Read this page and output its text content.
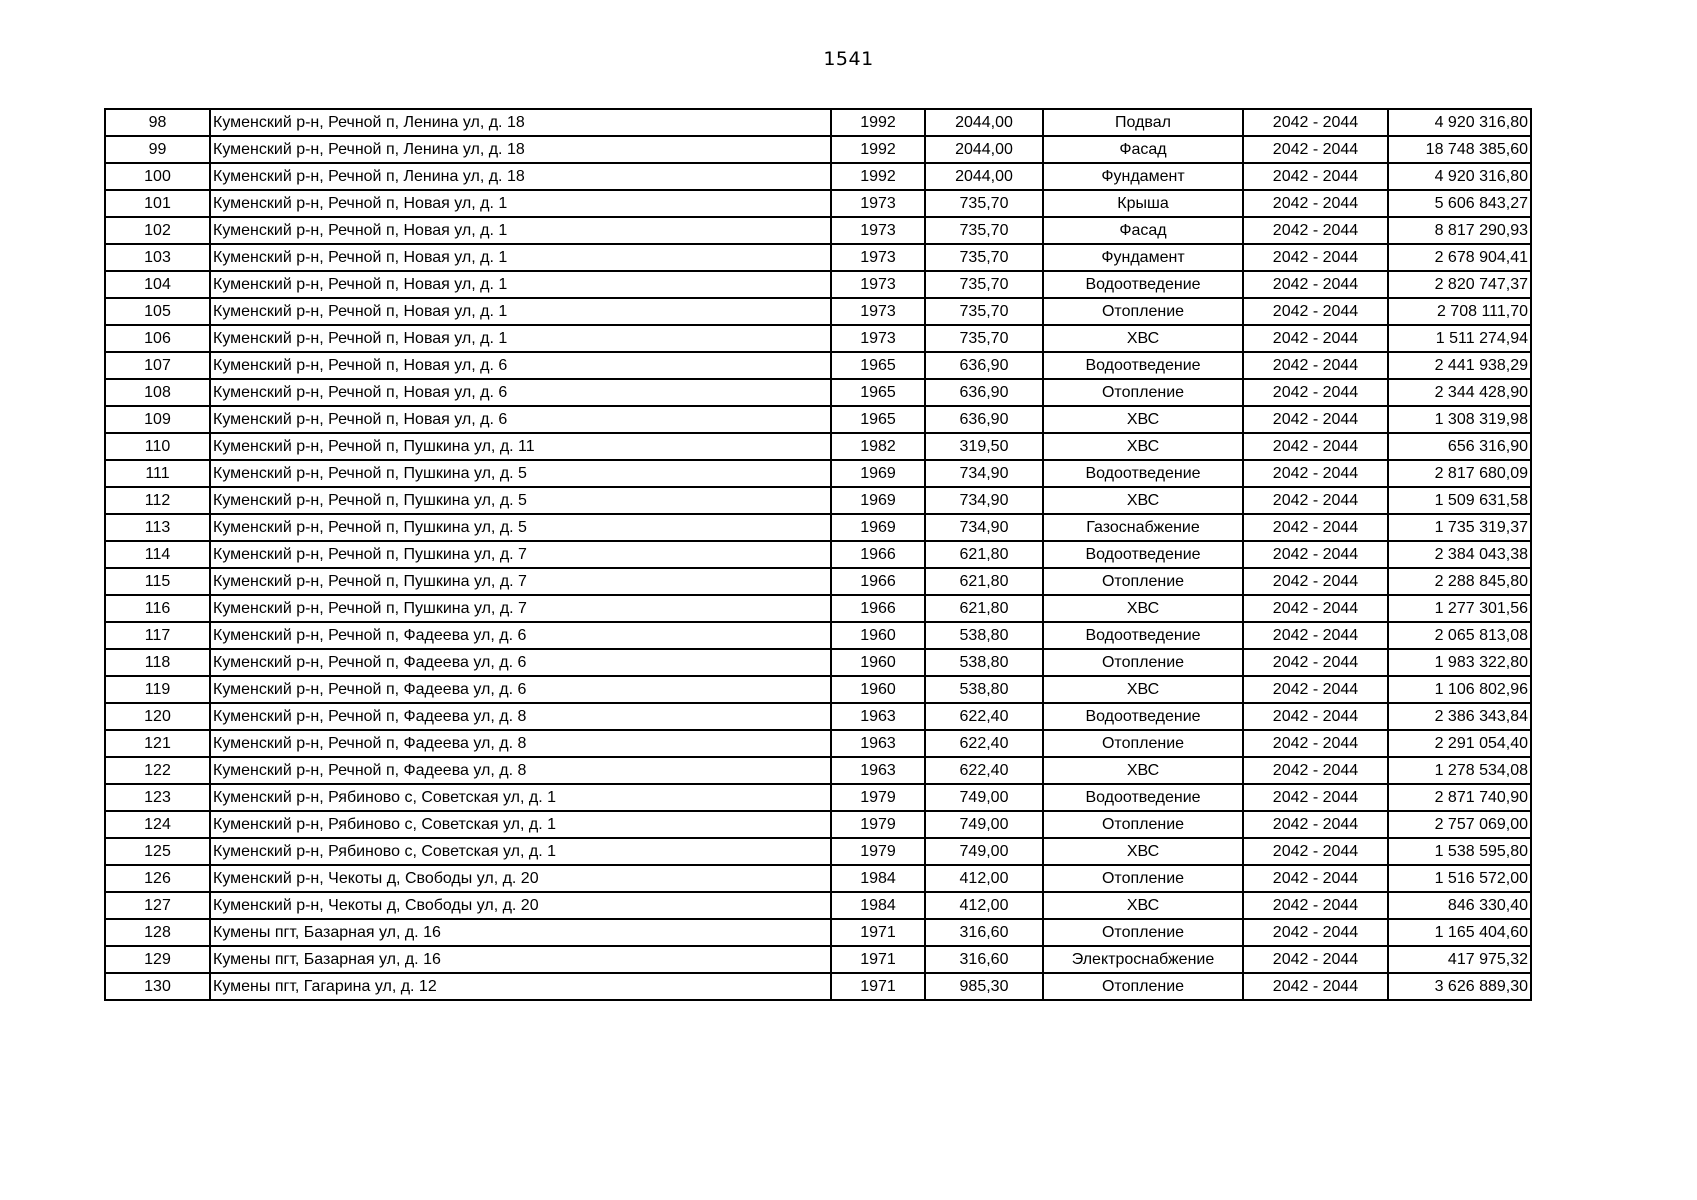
1541
98	Куменский р-н, Речной п, Ленина ул, д. 18	1992	2044,00	Подвал	2042 - 2044	4 920 316,80
99	Куменский р-н, Речной п, Ленина ул, д. 18	1992	2044,00	Фасад	2042 - 2044	18 748 385,60
100	Куменский р-н, Речной п, Ленина ул, д. 18	1992	2044,00	Фундамент	2042 - 2044	4 920 316,80
101	Куменский р-н, Речной п, Новая ул, д. 1	1973	735,70	Крыша	2042 - 2044	5 606 843,27
102	Куменский р-н, Речной п, Новая ул, д. 1	1973	735,70	Фасад	2042 - 2044	8 817 290,93
103	Куменский р-н, Речной п, Новая ул, д. 1	1973	735,70	Фундамент	2042 - 2044	2 678 904,41
104	Куменский р-н, Речной п, Новая ул, д. 1	1973	735,70	Водоотведение	2042 - 2044	2 820 747,37
105	Куменский р-н, Речной п, Новая ул, д. 1	1973	735,70	Отопление	2042 - 2044	2 708 111,70
106	Куменский р-н, Речной п, Новая ул, д. 1	1973	735,70	ХВС	2042 - 2044	1 511 274,94
107	Куменский р-н, Речной п, Новая ул, д. 6	1965	636,90	Водоотведение	2042 - 2044	2 441 938,29
108	Куменский р-н, Речной п, Новая ул, д. 6	1965	636,90	Отопление	2042 - 2044	2 344 428,90
109	Куменский р-н, Речной п, Новая ул, д. 6	1965	636,90	ХВС	2042 - 2044	1 308 319,98
110	Куменский р-н, Речной п, Пушкина ул, д. 11	1982	319,50	ХВС	2042 - 2044	656 316,90
111	Куменский р-н, Речной п, Пушкина ул, д. 5	1969	734,90	Водоотведение	2042 - 2044	2 817 680,09
112	Куменский р-н, Речной п, Пушкина ул, д. 5	1969	734,90	ХВС	2042 - 2044	1 509 631,58
113	Куменский р-н, Речной п, Пушкина ул, д. 5	1969	734,90	Газоснабжение	2042 - 2044	1 735 319,37
114	Куменский р-н, Речной п, Пушкина ул, д. 7	1966	621,80	Водоотведение	2042 - 2044	2 384 043,38
115	Куменский р-н, Речной п, Пушкина ул, д. 7	1966	621,80	Отопление	2042 - 2044	2 288 845,80
116	Куменский р-н, Речной п, Пушкина ул, д. 7	1966	621,80	ХВС	2042 - 2044	1 277 301,56
117	Куменский р-н, Речной п, Фадеева ул, д. 6	1960	538,80	Водоотведение	2042 - 2044	2 065 813,08
118	Куменский р-н, Речной п, Фадеева ул, д. 6	1960	538,80	Отопление	2042 - 2044	1 983 322,80
119	Куменский р-н, Речной п, Фадеева ул, д. 6	1960	538,80	ХВС	2042 - 2044	1 106 802,96
120	Куменский р-н, Речной п, Фадеева ул, д. 8	1963	622,40	Водоотведение	2042 - 2044	2 386 343,84
121	Куменский р-н, Речной п, Фадеева ул, д. 8	1963	622,40	Отопление	2042 - 2044	2 291 054,40
122	Куменский р-н, Речной п, Фадеева ул, д. 8	1963	622,40	ХВС	2042 - 2044	1 278 534,08
123	Куменский р-н, Рябиново с, Советская ул, д. 1	1979	749,00	Водоотведение	2042 - 2044	2 871 740,90
124	Куменский р-н, Рябиново с, Советская ул, д. 1	1979	749,00	Отопление	2042 - 2044	2 757 069,00
125	Куменский р-н, Рябиново с, Советская ул, д. 1	1979	749,00	ХВС	2042 - 2044	1 538 595,80
126	Куменский р-н, Чекоты д, Свободы ул, д. 20	1984	412,00	Отопление	2042 - 2044	1 516 572,00
127	Куменский р-н, Чекоты д, Свободы ул, д. 20	1984	412,00	ХВС	2042 - 2044	846 330,40
128	Кумены пгт, Базарная ул, д. 16	1971	316,60	Отопление	2042 - 2044	1 165 404,60
129	Кумены пгт, Базарная ул, д. 16	1971	316,60	Электроснабжение	2042 - 2044	417 975,32
130	Кумены пгт, Гагарина ул, д. 12	1971	985,30	Отопление	2042 - 2044	3 626 889,30
